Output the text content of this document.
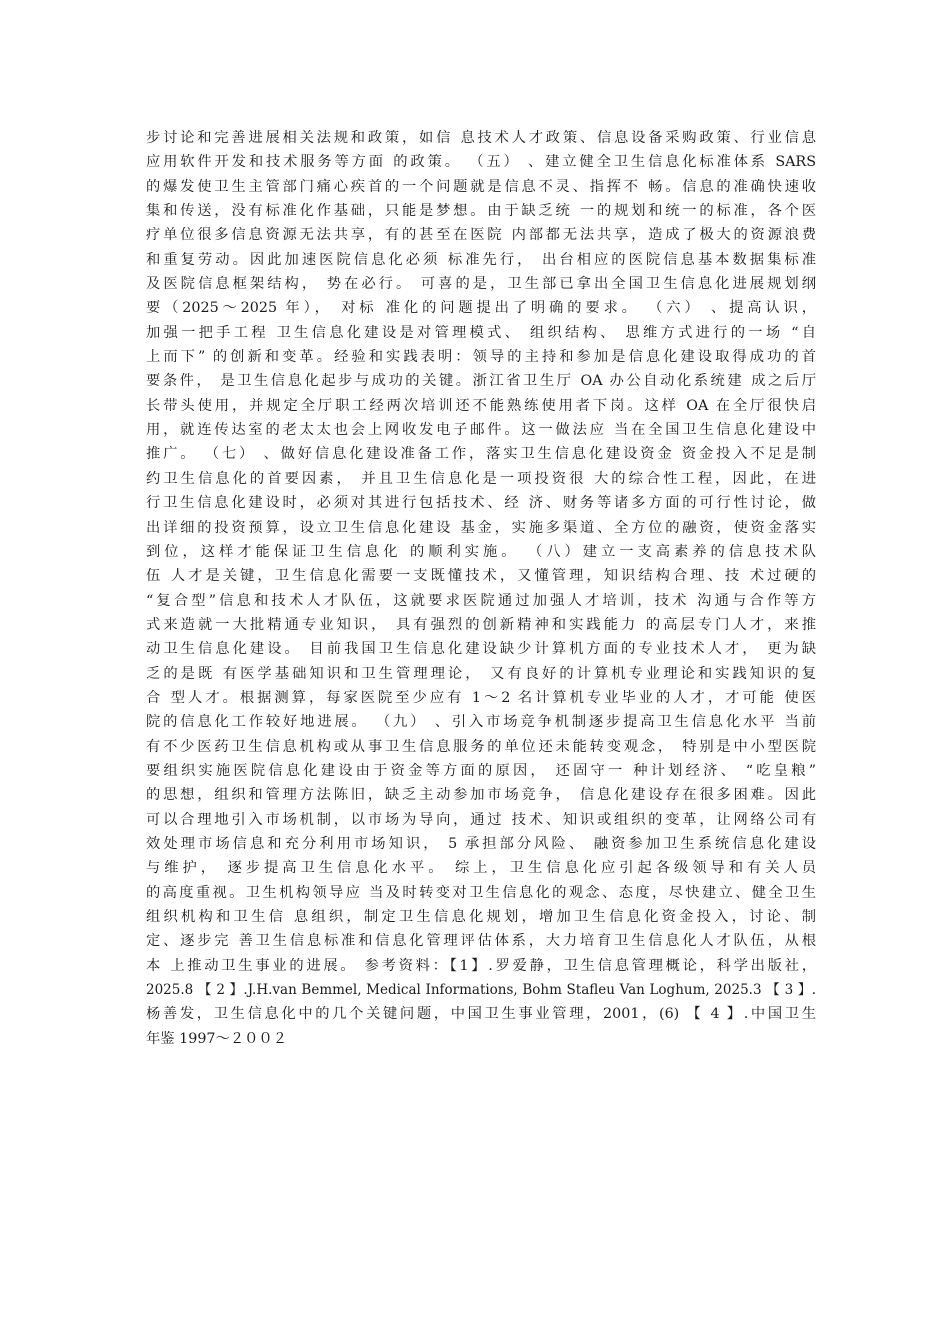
步讨论和完善进展相关法规和政策，如信 息技术人才政策、信息设备采购政策、行业信息
应用软件开发和技术服务等方面 的政策。 （五） 、建立健全卫生信息化标准体系 SARS
的爆发使卫生主管部门痛心疾首的一个问题就是信息不灵、指挥不 畅。信息的准确快速收
集和传送，没有标准化作基础，只能是梦想。由于缺乏统 一的规划和统一的标准，各个医
疗单位很多信息资源无法共享，有的甚至在医院 内部都无法共享，造成了极大的资源浪费
和重复劳动。因此加速医院信息化必须 标准先行， 出台相应的医院信息基本数据集标准
及医院信息框架结构， 势在必行。 可喜的是，卫生部已拿出全国卫生信息化进展规划纲
要（2025～2025 年）， 对标 准化的问题提出了明确的要求。 （六） 、提高认识，
加强一把手工程 卫生信息化建设是对管理模式、 组织结构、 思维方式进行的一场 “自
上而下” 的创新和变革。经验和实践表明：领导的主持和参加是信息化建设取得成功的首
要条件， 是卫生信息化起步与成功的关键。浙江省卫生厅 OA 办公自动化系统建 成之后厅
长带头使用，并规定全厅职工经两次培训还不能熟练使用者下岗。这样 OA 在全厅很快启
用，就连传达室的老太太也会上网收发电子邮件。这一做法应 当在全国卫生信息化建设中
推广。 （七） 、做好信息化建设准备工作，落实卫生信息化建设资金 资金投入不足是制
约卫生信息化的首要因素， 并且卫生信息化是一项投资很 大的综合性工程，因此，在进
行卫生信息化建设时，必须对其进行包括技术、经 济、财务等诸多方面的可行性讨论，做
出详细的投资预算，设立卫生信息化建设 基金，实施多渠道、全方位的融资，使资金落实
到位，这样才能保证卫生信息化 的顺利实施。 （八）建立一支高素养的信息技术队
伍 人才是关键，卫生信息化需要一支既懂技术，又懂管理，知识结构合理、技 术过硬的
“复合型”信息和技术人才队伍，这就要求医院通过加强人才培训，技术 沟通与合作等方
式来造就一大批精通专业知识， 具有强烈的创新精神和实践能力 的高层专门人才，来推
动卫生信息化建设。 目前我国卫生信息化建设缺少计算机方面的专业技术人才， 更为缺
乏的是既 有医学基础知识和卫生管理理论， 又有良好的计算机专业理论和实践知识的复
合 型人才。根据测算，每家医院至少应有 1～2 名计算机专业毕业的人才，才可能 使医
院的信息化工作较好地进展。 （九） 、引入市场竞争机制逐步提高卫生信息化水平 当前
有不少医药卫生信息机构或从事卫生信息服务的单位还未能转变观念， 特别是中小型医院
要组织实施医院信息化建设由于资金等方面的原因， 还固守一 种计划经济、 “吃皇粮”
的思想，组织和管理方法陈旧，缺乏主动参加市场竞争， 信息化建设存在很多困难。因此
可以合理地引入市场机制，以市场为导向，通过 技术、知识或组织的变革，让网络公司有
效处理市场信息和充分利用市场知识， 5 承担部分风险、 融资参加卫生系统信息化建设
与维护， 逐步提高卫生信息化水平。 综上，卫生信息化应引起各级领导和有关人员
的高度重视。卫生机构领导应 当及时转变对卫生信息化的观念、态度，尽快建立、健全卫生
组织机构和卫生信 息组织，制定卫生信息化规划，增加卫生信息化资金投入，讨论、制
定、逐步完 善卫生信息标准和信息化管理评估体系，大力培育卫生信息化人才队伍，从根
本 上推动卫生事业的进展。 参考资料：【1】.罗爱静，卫生信息管理概论，科学出版社，
2025.8 【 2 】.J.H.van Bemmel, Medical Informations, Bohm Stafleu Van Loghum, 2025.3 【 3 】.
杨善发，卫生信息化中的几个关键问题，中国卫生事业管理，2001，(6) 【 4 】.中国卫生
年鉴 1997～２００２
